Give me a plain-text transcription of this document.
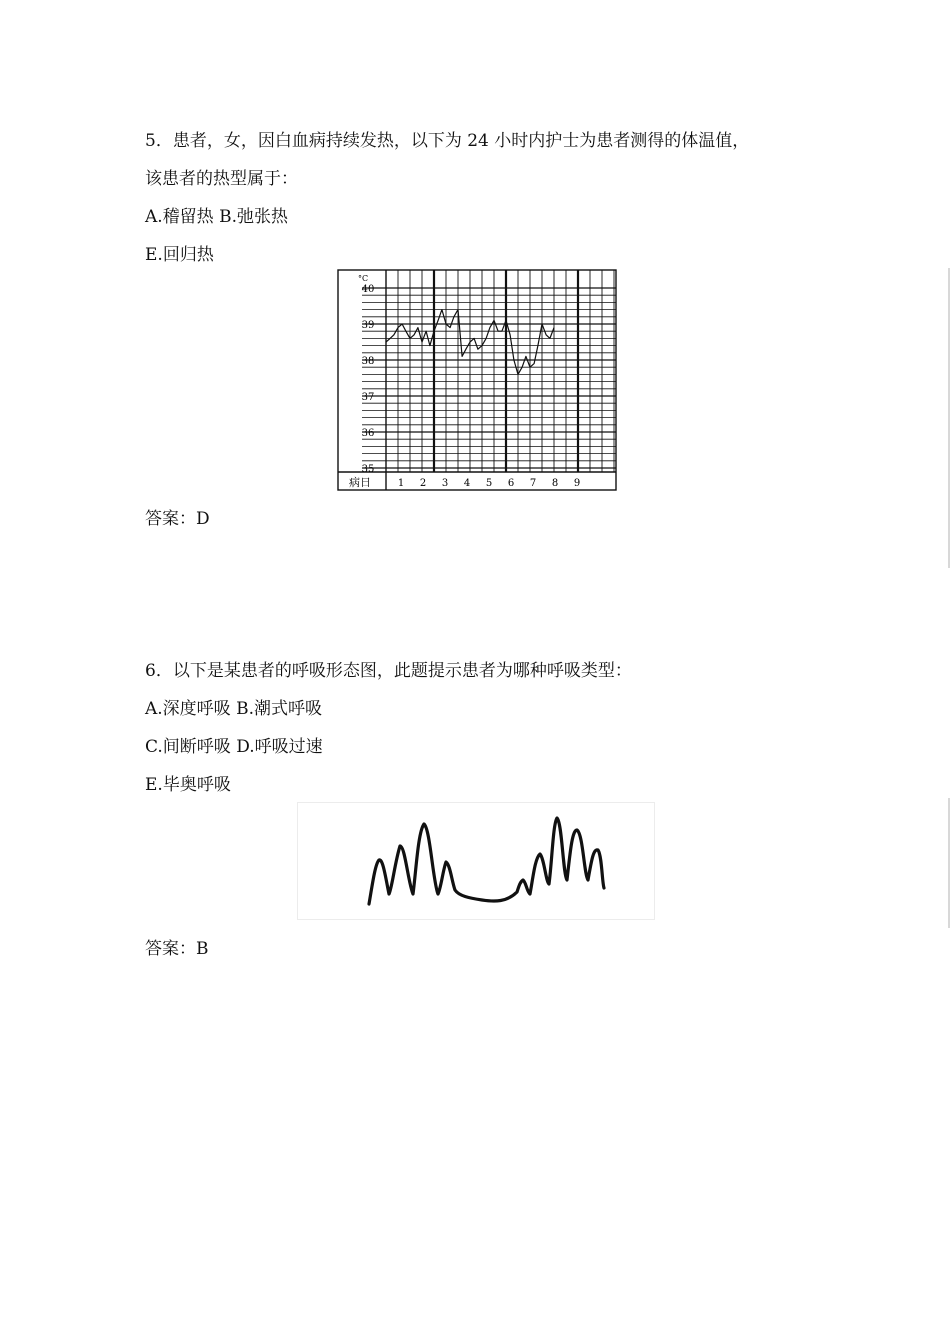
5．患者，女，因白血病持续发热，以下为 24 小时内护士为患者测得的体温值，
该患者的热型属于：
A.稽留热 B.弛张热
E.回归热
40
39
38
37
36
35
1 2 3 4 5 6 7 8 9
°C
病日
答案：D
6．以下是某患者的呼吸形态图，此题提示患者为哪种呼吸类型：
A.深度呼吸 B.潮式呼吸
C.间断呼吸 D.呼吸过速
E.毕奥呼吸
答案：B
